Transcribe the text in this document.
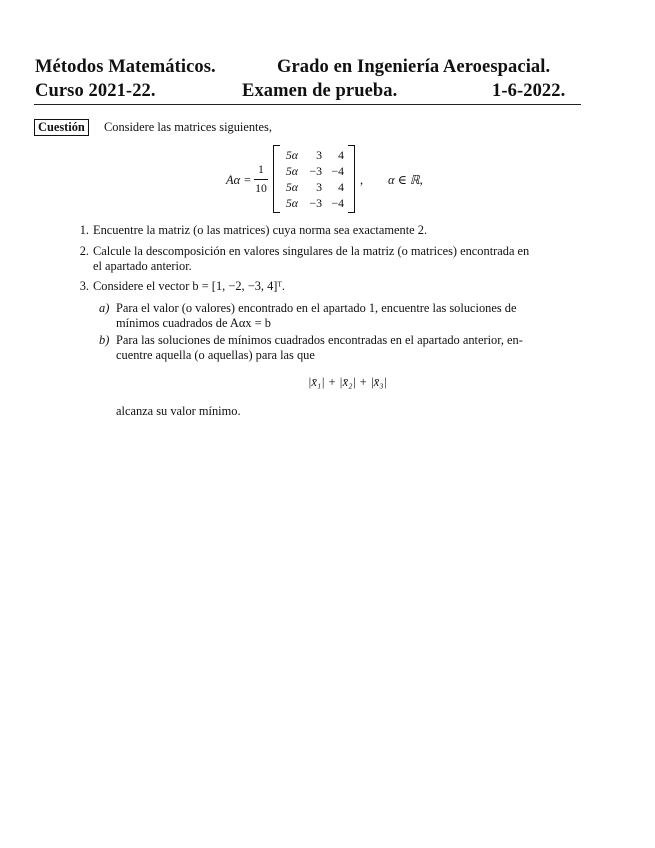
Métodos Matemáticos.	Grado en Ingeniería Aeroespacial.
Curso 2021-22.	Examen de prueba.	1-6-2022.
Cuestión	Considere las matrices siguientes,
Aα =
1
10
5α	3	4
5α −3 −4
5α	3	4
5α −3 −4
, α ∈ ℝ,
1. Encuentre la matriz (o las matrices) cuya norma sea exactamente 2.
2. Calcule la descomposición en valores singulares de la matriz (o matrices) encontrada en
el apartado anterior.
3. Considere el vector b = [1, −2, −3, 4]ᵀ.
a) Para el valor (o valores) encontrado en el apartado 1, encuentre las soluciones de
mínimos cuadrados de Aαx = b
b) Para las soluciones de mínimos cuadrados encontradas en el apartado anterior, en-
cuentre aquella (o aquellas) para las que
|x̄₁| + |x̄₂| + |x̄₃|
alcanza su valor mínimo.
